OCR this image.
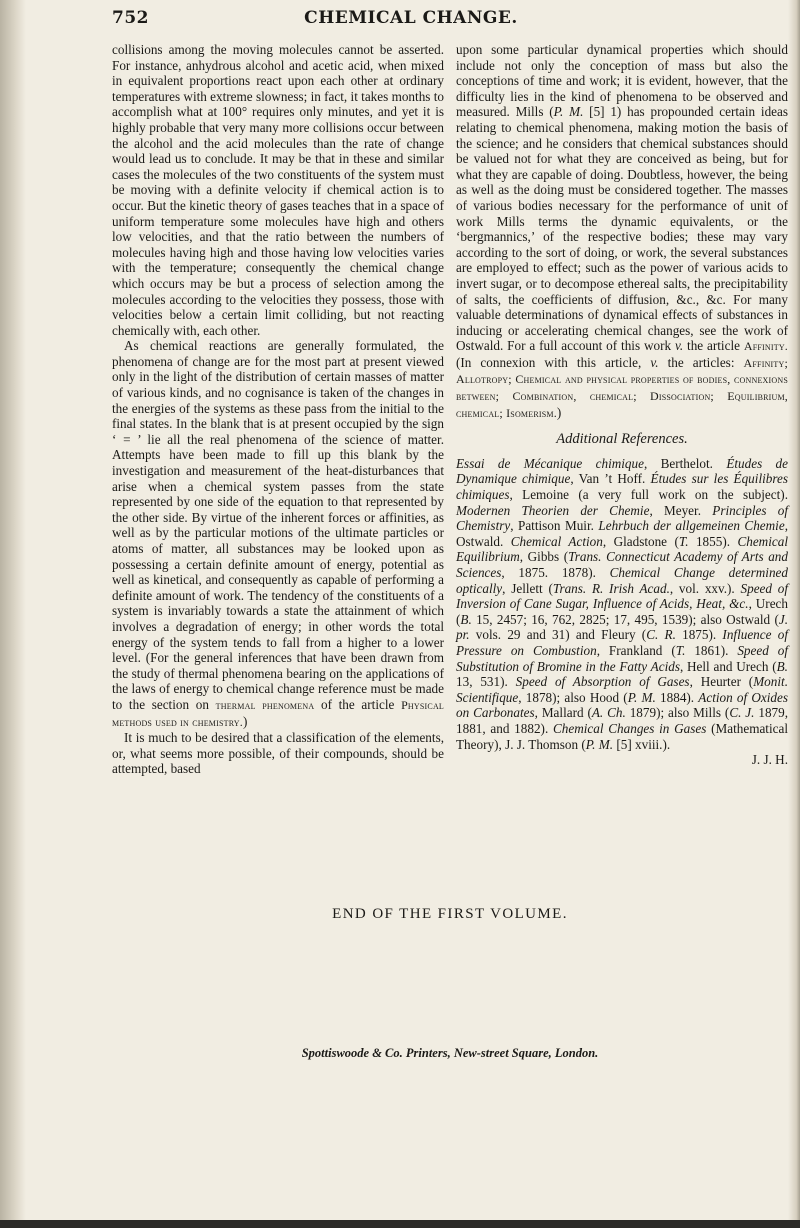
752	CHEMICAL CHANGE.

collisions among the moving molecules cannot be asserted. For instance, anhydrous alcohol and acetic acid, when mixed in equivalent proportions react upon each other at ordinary temperatures with extreme slowness; in fact, it takes months to accomplish what at 100° requires only minutes, and yet it is highly probable that very many more collisions occur between the alcohol and the acid molecules than the rate of change would lead us to conclude. It may be that in these and similar cases the molecules of the two constituents of the system must be moving with a definite velocity if chemical action is to occur. But the kinetic theory of gases teaches that in a space of uniform temperature some molecules have high and others low velocities, and that the ratio between the numbers of molecules having high and those having low velocities varies with the temperature; consequently the chemical change which occurs may be but a process of selection among the molecules according to the velocities they possess, those with velocities below a certain limit colliding, but not reacting chemically with, each other.

As chemical reactions are generally formulated, the phenomena of change are for the most part at present viewed only in the light of the distribution of certain masses of matter of various kinds, and no cognisance is taken of the changes in the energies of the systems as these pass from the initial to the final states. In the blank that is at present occupied by the sign ‘ = ’ lie all the real phenomena of the science of matter. Attempts have been made to fill up this blank by the investigation and measurement of the heat-disturbances that arise when a chemical system passes from the state represented by one side of the equation to that represented by the other side. By virtue of the inherent forces or affinities, as well as by the particular motions of the ultimate particles or atoms of matter, all substances may be looked upon as possessing a certain definite amount of energy, potential as well as kinetical, and consequently as capable of performing a definite amount of work. The tendency of the constituents of a system is invariably towards a state the attainment of which involves a degradation of energy; in other words the total energy of the system tends to fall from a higher to a lower level. (For the general inferences that have been drawn from the study of thermal phenomena bearing on the applications of the laws of energy to chemical change reference must be made to the section on thermal phenomena of the article Physical methods used in chemistry.)

It is much to be desired that a classification of the elements, or, what seems more possible, of their compounds, should be attempted, based

upon some particular dynamical properties which should include not only the conception of mass but also the conceptions of time and work; it is evident, however, that the difficulty lies in the kind of phenomena to be observed and measured. Mills (P. M. [5] 1) has propounded certain ideas relating to chemical phenomena, making motion the basis of the science; and he considers that chemical substances should be valued not for what they are conceived as being, but for what they are capable of doing. Doubtless, however, the being as well as the doing must be considered together. The masses of various bodies necessary for the performance of unit of work Mills terms the dynamic equivalents, or the ‘bergmannics,’ of the respective bodies; these may vary according to the sort of doing, or work, the several substances are employed to effect; such as the power of various acids to invert sugar, or to decompose ethereal salts, the precipitability of salts, the coefficients of diffusion, &c., &c. For many valuable determinations of dynamical effects of substances in inducing or accelerating chemical changes, see the work of Ostwald. For a full account of this work v. the article Affinity. (In connexion with this article, v. the articles: Affinity; Allotropy; Chemical and physical properties of bodies, connexions between; Combination, chemical; Dissociation; Equilibrium, chemical; Isomerism.)

Additional References.

Essai de Mécanique chimique, Berthelot. Études de Dynamique chimique, Van ’t Hoff. Études sur les Équilibres chimiques, Lemoine (a very full work on the subject). Modernen Theorien der Chemie, Meyer. Principles of Chemistry, Pattison Muir. Lehrbuch der allgemeinen Chemie, Ostwald. Chemical Action, Gladstone (T. 1855). Chemical Equilibrium, Gibbs (Trans. Connecticut Academy of Arts and Sciences, 1875. 1878). Chemical Change determined optically, Jellett (Trans. R. Irish Acad., vol. xxv.). Speed of Inversion of Cane Sugar, Influence of Acids, Heat, &c., Urech (B. 15, 2457; 16, 762, 2825; 17, 495, 1539); also Ostwald (J. pr. vols. 29 and 31) and Fleury (C. R. 1875). Influence of Pressure on Combustion, Frankland (T. 1861). Speed of Substitution of Bromine in the Fatty Acids, Hell and Urech (B. 13, 531). Speed of Absorption of Gases, Heurter (Monit. Scientifique, 1878); also Hood (P. M. 1884). Action of Oxides on Carbonates, Mallard (A. Ch. 1879); also Mills (C. J. 1879, 1881, and 1882). Chemical Changes in Gases (Mathematical Theory), J. J. Thomson (P. M. [5] xviii.).
J. J. H.

END OF THE FIRST VOLUME.
Spottiswoode & Co. Printers, New-street Square, London.
